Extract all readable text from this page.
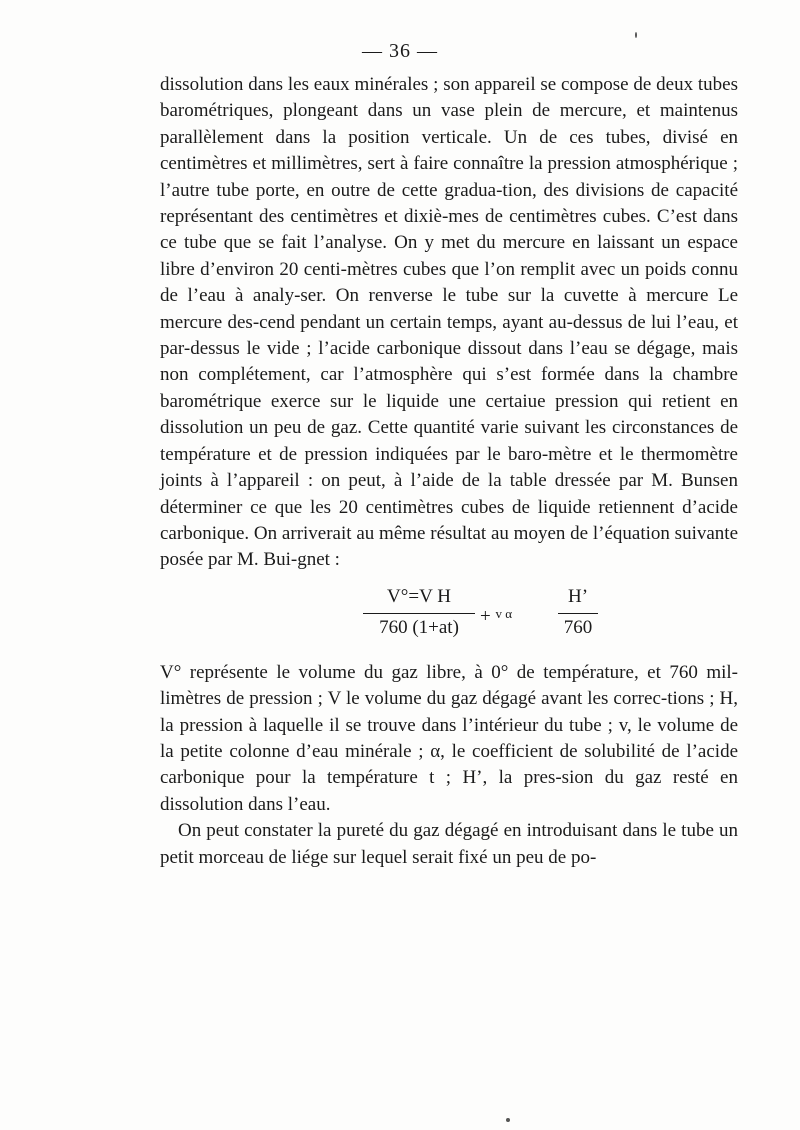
— 36 —

dissolution dans les eaux minérales ; son appareil se compose de deux tubes barométriques, plongeant dans un vase plein de mercure, et maintenus parallèlement dans la position verticale. Un de ces tubes, divisé en centimètres et millimètres, sert à faire connaître la pression atmosphérique ; l’autre tube porte, en outre de cette gradua-tion, des divisions de capacité représentant des centimètres et dixiè-mes de centimètres cubes. C’est dans ce tube que se fait l’analyse. On y met du mercure en laissant un espace libre d’environ 20 centi-mètres cubes que l’on remplit avec un poids connu de l’eau à analy-ser. On renverse le tube sur la cuvette à mercure Le mercure des-cend pendant un certain temps, ayant au-dessus de lui l’eau, et par-dessus le vide ; l’acide carbonique dissout dans l’eau se dégage, mais non complétement, car l’atmosphère qui s’est formée dans la chambre barométrique exerce sur le liquide une certaiue pression qui retient en dissolution un peu de gaz. Cette quantité varie suivant les circonstances de température et de pression indiquées par le baro-mètre et le thermomètre joints à l’appareil : on peut, à l’aide de la table dressée par M. Bunsen déterminer ce que les 20 centimètres cubes de liquide retiennent d’acide carbonique. On arriverait au même résultat au moyen de l’équation suivante posée par M. Bui-gnet :

$\frac{\text{V°=V H}}{760 (1+at)} + ^{v \alpha} \frac{H’}{760}$

V° représente le volume du gaz libre, à 0° de température, et 760 mil-limètres de pression ; V le volume du gaz dégagé avant les correc-tions ; H, la pression à laquelle il se trouve dans l’intérieur du tube ; v, le volume de la petite colonne d’eau minérale ; α, le coefficient de solubilité de l’acide carbonique pour la température t ; H’, la pres-sion du gaz resté en dissolution dans l’eau.

On peut constater la pureté du gaz dégagé en introduisant dans le tube un petit morceau de liége sur lequel serait fixé un peu de po-
